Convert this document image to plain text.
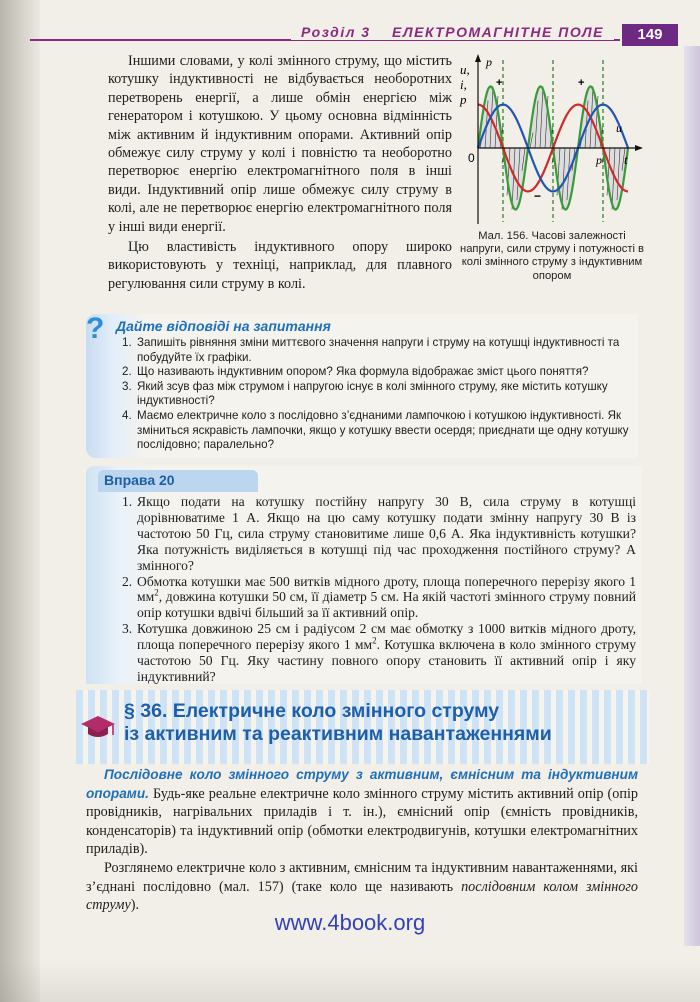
Розділ 3 ЕЛЕКТРОМАГНІТНЕ ПОЛЕ	149

Іншими словами, у колі змінного струму, що містить котушку індуктивності не відбувається необоротних перетворень енергії, а лише обмін енергією між генератором і котушкою. У цьому основна відмінність між активним й індуктивним опорами. Активний опір обмежує силу струму у колі і повністю та необоротно перетворює енергію електромагнітного поля в інші види. Індуктивний опір лише обмежує силу струму в колі, але не перетворює енергію електромагнітного поля у інші види енергії.

Цю властивість індуктивного опору широко використовують у техніці, наприклад, для плавного регулювання сили струму в колі.

u,
i,
p
0	t
u
p
p
+	+
−
Мал. 156. Часові залежності напруги, сили струму і потужності в колі змінного струму з індуктивним опором
? Дайте відповіді на запитання
1. Запишіть рівняння зміни миттєвого значення напруги і струму на котушці індуктивності та побудуйте їх графіки.
2. Що називають індуктивним опором? Яка формула відображає зміст цього поняття?
3. Який зсув фаз між струмом і напругою існує в колі змінного струму, яке містить котушку індуктивності?
4. Маємо електричне коло з послідовно з’єднаними лампочкою і котушкою індуктивності. Як зміниться яскравість лампочки, якщо у котушку ввести осердя; приєднати ще одну котушку послідовно; паралельно?
Вправа 20
1. Якщо подати на котушку постійну напругу 30 В, сила струму в котушці дорівнюватиме 1 А. Якщо на цю саму котушку подати змінну напругу 30 В із частотою 50 Гц, сила струму становитиме лише 0,6 А. Яка індуктивність котушки? Яка потужність виділяється в котушці під час проходження постійного струму? А змінного?
2. Обмотка котушки має 500 витків мідного дроту, площа поперечного перерізу якого 1 $мм^2$, довжина котушки 50 см, її діаметр 5 см. На якій частоті змінного струму повний опір котушки вдвічі більший за її активний опір.
3. Котушка довжиною 25 см і радіусом 2 см має обмотку з 1000 витків мідного дроту, площа поперечного перерізу якого 1 $мм^2$. Котушка включена в коло змінного струму частотою 50 Гц. Яку частину повного опору становить її активний опір і яку індуктивний?
§ 36. Електричне коло змінного струму
із активним та реактивним навантаженнями

Послідовне коло змінного струму з активним, ємнісним та індуктивним опорами. Будь-яке реальне електричне коло змінного струму містить активний опір (опір провідників, нагрівальних приладів і т. ін.), ємнісний опір (ємність провідників, конденсаторів) та індуктивний опір (обмотки електродвигунів, котушки електромагнітних приладів).

Розглянемо електричне коло з активним, ємнісним та індуктивним навантаженнями, які з’єднані послідовно (мал. 157) (таке коло ще називають послідовним колом змінного струму).

www.4book.org
